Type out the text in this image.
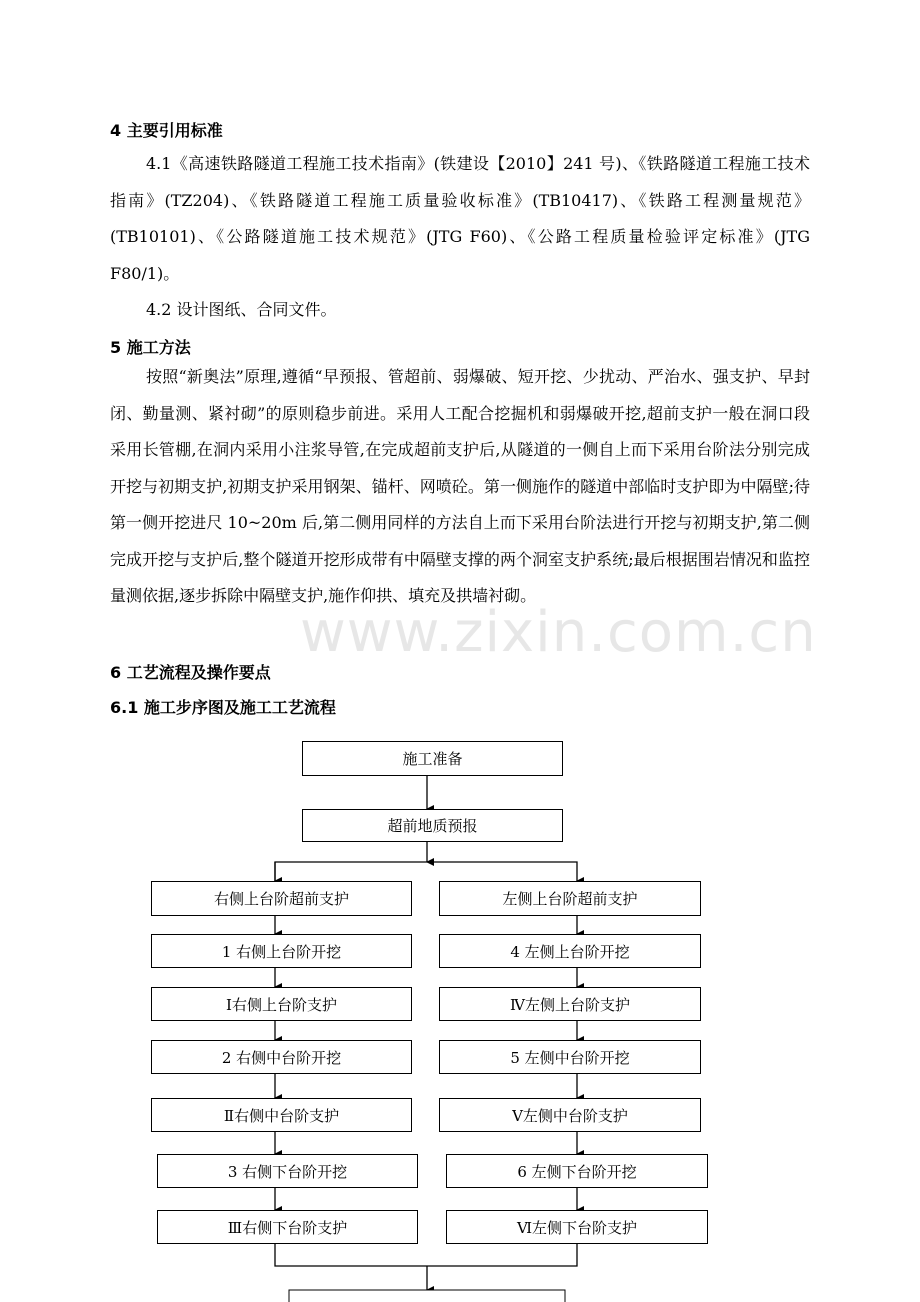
4 主要引用标准

4.1《高速铁路隧道工程施工技术指南》(铁建设【2010】241 号)、《铁路隧道工程施工技术指南》(TZ204)、《铁路隧道工程施工质量验收标准》(TB10417)、《铁路工程测量规范》(TB10101)、《公路隧道施工技术规范》(JTG F60)、《公路工程质量检验评定标准》(JTG F80/1)。

4.2 设计图纸、合同文件。

5 施工方法

按照“新奥法”原理,遵循“早预报、管超前、弱爆破、短开挖、少扰动、严治水、强支护、早封闭、勤量测、紧衬砌”的原则稳步前进。采用人工配合挖掘机和弱爆破开挖,超前支护一般在洞口段采用长管棚,在洞内采用小注浆导管,在完成超前支护后,从隧道的一侧自上而下采用台阶法分别完成开挖与初期支护,初期支护采用钢架、锚杆、网喷砼。第一侧施作的隧道中部临时支护即为中隔壁;待第一侧开挖进尺 10~20m 后,第二侧用同样的方法自上而下采用台阶法进行开挖与初期支护,第二侧完成开挖与支护后,整个隧道开挖形成带有中隔壁支撑的两个洞室支护系统;最后根据围岩情况和监控量测依据,逐步拆除中隔壁支护,施作仰拱、填充及拱墙衬砌。

www.zixin.com.cn
6 工艺流程及操作要点
6.1 施工步序图及施工工艺流程
施工准备
超前地质预报
右侧上台阶超前支护
1 右侧上台阶开挖
Ⅰ右侧上台阶支护
2 右侧中台阶开挖
Ⅱ右侧中台阶支护
3 右侧下台阶开挖
Ⅲ右侧下台阶支护
左侧上台阶超前支护
4 左侧上台阶开挖
Ⅳ左侧上台阶支护
5 左侧中台阶开挖
Ⅴ左侧中台阶支护
6 左侧下台阶开挖
Ⅵ左侧下台阶支护
